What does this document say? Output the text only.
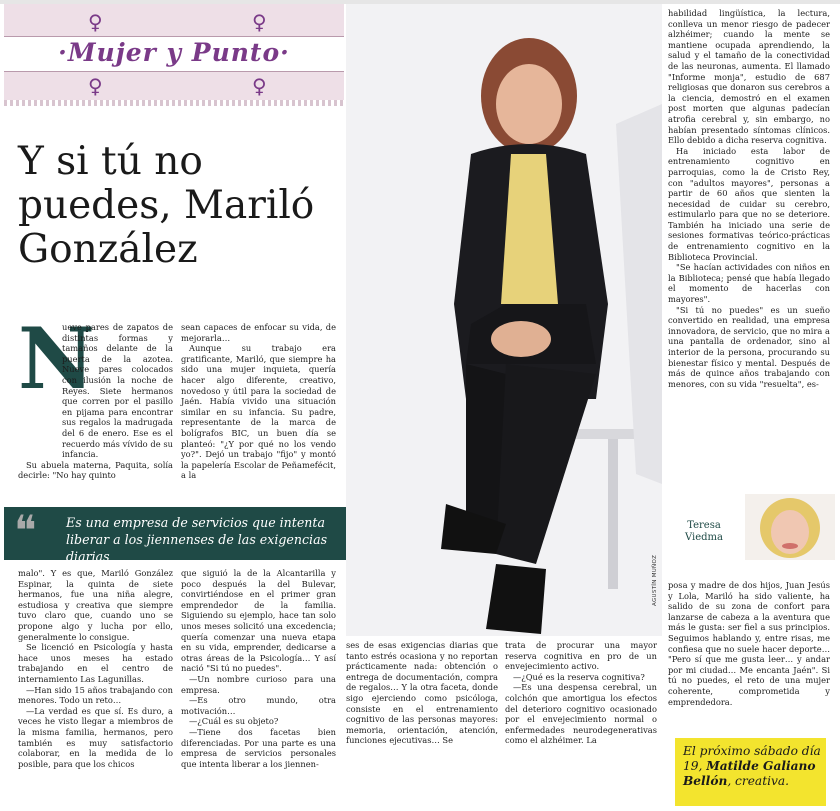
♀	♀
·Mujer y Punto·
♀	♀
Y si tú no puedes, Mariló González
N

ueve pares de zapatos de distintas formas y tamaños delante de la puerta de la azotea. Nueve pares colocados con ilusión la noche de Reyes. Siete hermanos que corren por el pasillo en pijama para encontrar sus regalos la madrugada del 6 de enero. Ese es el recuerdo más vívido de su infancia.

Su abuela materna, Paquita, solía decirle: "No hay quinto

sean capaces de enfocar su vida, de mejorarla…

Aunque su trabajo era gratificante, Mariló, que siempre ha sido una mujer inquieta, quería hacer algo diferente, creativo, novedoso y útil para la sociedad de Jaén. Había vivido una situación similar en su infancia. Su padre, representante de la marca de bolígrafos BIC, un buen día se planteó: "¿Y por qué no los vendo yo?". Dejó un trabajo "fijo" y montó la papelería Escolar de Peñamefécit, a la

AGUSTÍN MUÑOZ
❝ Es una empresa de servicios que intenta liberar a los jiennenses de las exigencias diarias

malo". Y es que, Mariló González Espinar, la quinta de siete hermanos, fue una niña alegre, estudiosa y creativa que siempre tuvo claro que, cuando uno se propone algo y lucha por ello, generalmente lo consigue.

Se licenció en Psicología y hasta hace unos meses ha estado trabajando en el centro de internamiento Las Lagunillas.

—Han sido 15 años trabajando con menores. Todo un reto…

—La verdad es que sí. Es duro, a veces he visto llegar a miembros de la misma familia, hermanos, pero también es muy satisfactorio colaborar, en la medida de lo posible, para que los chicos

que siguió la de la Alcantarilla y poco después la del Bulevar, convirtiéndose en el primer gran emprendedor de la familia. Siguiendo su ejemplo, hace tan solo unos meses solicitó una excedencia; quería comenzar una nueva etapa en su vida, emprender, dedicarse a otras áreas de la Psicología… Y así nació "Si tú no puedes".

—Un nombre curioso para una empresa.

—Es otro mundo, otra motivación…

—¿Cuál es su objeto?

—Tiene dos facetas bien diferenciadas. Por una parte es una empresa de servicios personales que intenta liberar a los jiennen-

ses de esas exigencias diarias que tanto estrés ocasiona y no reportan prácticamente nada: obtención o entrega de documentación, compra de regalos… Y la otra faceta, donde sigo ejerciendo como psicóloga, consiste en el entrenamiento cognitivo de las personas mayores: memoria, orientación, atención, funciones ejecutivas… Se

trata de procurar una mayor reserva cognitiva en pro de un envejecimiento activo.

—¿Qué es la reserva cognitiva?

—Es una despensa cerebral, un colchón que amortigua los efectos del deterioro cognitivo ocasionado por el envejecimiento normal o enfermedades neurodegenerativas como el alzhéimer. La

habilidad lingüística, la lectura, conlleva un menor riesgo de padecer alzhéimer; cuando la mente se mantiene ocupada aprendiendo, la salud y el tamaño de la conectividad de las neuronas, aumenta. El llamado "Informe monja", estudio de 687 religiosas que donaron sus cerebros a la ciencia, demostró en el examen post morten que algunas padecían atrofia cerebral y, sin embargo, no habían presentado síntomas clínicos. Ello debido a dicha reserva cognitiva.

Ha iniciado esta labor de entrenamiento cognitivo en parroquias, como la de Cristo Rey, con "adultos mayores", personas a partir de 60 años que sienten la necesidad de cuidar su cerebro, estimularlo para que no se deteriore. También ha iniciado una serie de sesiones formativas teórico-prácticas de entrenamiento cognitivo en la Biblioteca Provincial.

"Se hacían actividades con niños en la Biblioteca; pensé que había llegado el momento de hacerlas con mayores".

"Si tú no puedes" es un sueño convertido en realidad, una empresa innovadora, de servicio, que no mira a una pantalla de ordenador, sino al interior de la persona, procurando su bienestar físico y mental. Después de más de quince años trabajando con menores, con su vida "resuelta", es-

Teresa
Viedma

posa y madre de dos hijos, Juan Jesús y Lola, Mariló ha sido valiente, ha salido de su zona de confort para lanzarse de cabeza a la aventura que más le gusta: ser fiel a sus principios. Seguimos hablando y, entre risas, me confiesa que no suele hacer deporte… "Pero sí que me gusta leer… y andar por mi ciudad… Me encanta Jaén". Si tú no puedes, el reto de una mujer coherente, comprometida y emprendedora.

El próximo sábado día 19, Matilde Galiano Bellón, creativa.
